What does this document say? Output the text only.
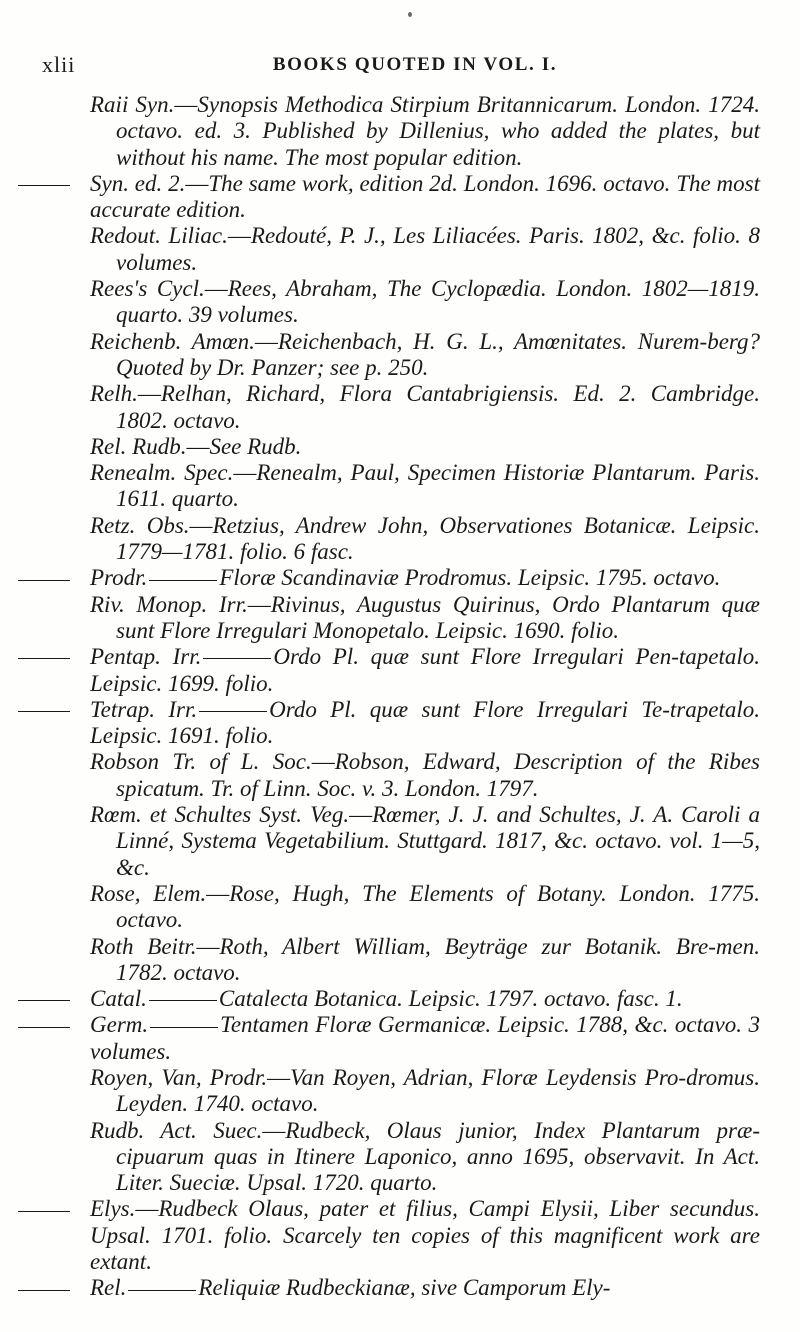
xlii	BOOKS QUOTED IN VOL. I.

Raii Syn.—Synopsis Methodica Stirpium Britannicarum. London. 1724. octavo. ed. 3. Published by Dillenius, who added the plates, but without his name. The most popular edition.

Syn. ed. 2.—The same work, edition 2d. London. 1696. octavo. The most accurate edition.

Redout. Liliac.—Redouté, P. J., Les Liliacées. Paris. 1802, &c. folio. 8 volumes.

Rees's Cycl.—Rees, Abraham, The Cyclopædia. London. 1802—1819. quarto. 39 volumes.

Reichenb. Amœn.—Reichenbach, H. G. L., Amœnitates. Nurem-berg? Quoted by Dr. Panzer; see p. 250.

Relh.—Relhan, Richard, Flora Cantabrigiensis. Ed. 2. Cambridge. 1802. octavo.

Rel. Rudb.—See Rudb.

Renealm. Spec.—Renealm, Paul, Specimen Historiæ Plantarum. Paris. 1611. quarto.

Retz. Obs.—Retzius, Andrew John, Observationes Botanicæ. Leipsic. 1779—1781. folio. 6 fasc.

Prodr.	Floræ Scandinaviæ Prodromus. Leipsic. 1795. octavo.

Riv. Monop. Irr.—Rivinus, Augustus Quirinus, Ordo Plantarum quæ sunt Flore Irregulari Monopetalo. Leipsic. 1690. folio.

Pentap. Irr.	Ordo Pl. quæ sunt Flore Irregulari Pen-tapetalo. Leipsic. 1699. folio.

Tetrap. Irr.	Ordo Pl. quæ sunt Flore Irregulari Te-trapetalo. Leipsic. 1691. folio.

Robson Tr. of L. Soc.—Robson, Edward, Description of the Ribes spicatum. Tr. of Linn. Soc. v. 3. London. 1797.

Rœm. et Schultes Syst. Veg.—Rœmer, J. J. and Schultes, J. A. Caroli a Linné, Systema Vegetabilium. Stuttgard. 1817, &c. octavo. vol. 1—5, &c.

Rose, Elem.—Rose, Hugh, The Elements of Botany. London. 1775. octavo.

Roth Beitr.—Roth, Albert William, Beyträge zur Botanik. Bre-men. 1782. octavo.

Catal.	Catalecta Botanica. Leipsic. 1797. octavo. fasc. 1.

Germ.	Tentamen Floræ Germanicæ. Leipsic. 1788, &c. octavo. 3 volumes.

Royen, Van, Prodr.—Van Royen, Adrian, Floræ Leydensis Pro-dromus. Leyden. 1740. octavo.

Rudb. Act. Suec.—Rudbeck, Olaus junior, Index Plantarum præ-cipuarum quas in Itinere Laponico, anno 1695, observavit. In Act. Liter. Sueciæ. Upsal. 1720. quarto.

Elys.—Rudbeck Olaus, pater et filius, Campi Elysii, Liber secundus. Upsal. 1701. folio. Scarcely ten copies of this magnificent work are extant.

Rel.	Reliquiæ Rudbeckianæ, sive Camporum Ely-
